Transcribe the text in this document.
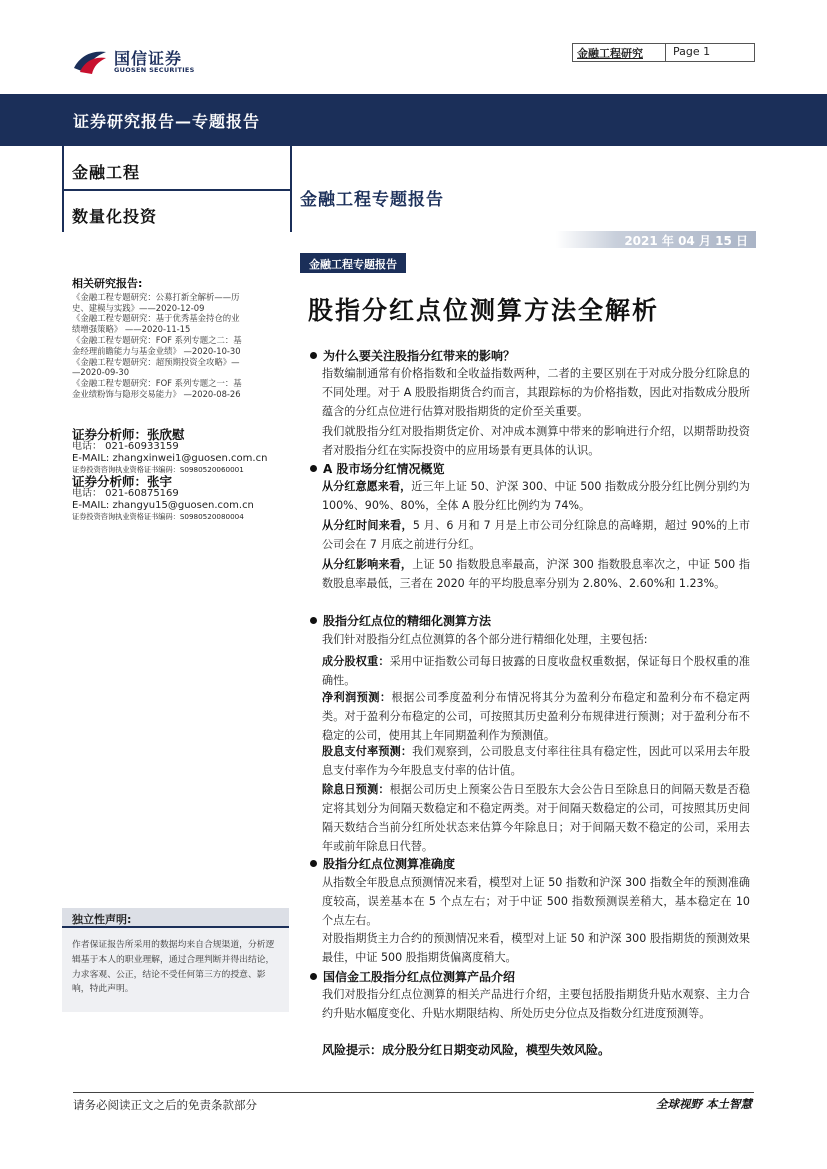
国信证券
GUOSEN SECURITIES
金融工程研究	Page 1
证券研究报告—专题报告
金融工程
数量化投资
金融工程专题报告
2021 年 04 月 15 日
金融工程专题报告
股指分红点位测算方法全解析
相关研究报告:
《金融工程专题研究：公募打新全解析——历
史、建模与实践》——2020-12-09
《金融工程专题研究：基于优秀基金持仓的业
绩增强策略》 ——2020-11-15
《金融工程专题研究：FOF 系列专题之二：基
金经理前瞻能力与基金业绩》 —2020-10-30
《金融工程专题研究：超预期投资全攻略》—
—2020-09-30
《金融工程专题研究：FOF 系列专题之一：基
金业绩粉饰与隐形交易能力》 —2020-08-26
证券分析师：张欣慰
电话： 021-60933159
E-MAIL: zhangxinwei1@guosen.com.cn
证券投资咨询执业资格证书编码：S0980520060001
证券分析师：张宇
电话： 021-60875169
E-MAIL: zhangyu15@guosen.com.cn
证券投资咨询执业资格证书编码：S0980520080004
独立性声明:

作者保证报告所采用的数据均来自合规渠道，分析逻辑基于本人的职业理解，通过合理判断并得出结论，力求客观、公正，结论不受任何第三方的授意、影响，特此声明。

为什么要关注股指分红带来的影响？

指数编制通常有价格指数和全收益指数两种，二者的主要区别在于对成分股分红除息的不同处理。对于 A 股股指期货合约而言，其跟踪标的为价格指数，因此对指数成分股所蕴含的分红点位进行估算对股指期货的定价至关重要。

我们就股指分红对股指期货定价、对冲成本测算中带来的影响进行介绍，以期帮助投资者对股指分红在实际投资中的应用场景有更具体的认识。

A 股市场分红情况概览

从分红意愿来看，近三年上证 50、沪深 300、中证 500 指数成分股分红比例分别约为 100%、90%、80%，全体 A 股分红比例约为 74%。

从分红时间来看，5 月、6 月和 7 月是上市公司分红除息的高峰期，超过 90%的上市公司会在 7 月底之前进行分红。

从分红影响来看，上证 50 指数股息率最高，沪深 300 指数股息率次之，中证 500 指数股息率最低，三者在 2020 年的平均股息率分别为 2.80%、2.60%和 1.23%。

股指分红点位的精细化测算方法

我们针对股指分红点位测算的各个部分进行精细化处理，主要包括:

成分股权重：采用中证指数公司每日披露的日度收盘权重数据，保证每日个股权重的准确性。

净利润预测：根据公司季度盈利分布情况将其分为盈利分布稳定和盈利分布不稳定两类。对于盈利分布稳定的公司，可按照其历史盈利分布规律进行预测；对于盈利分布不稳定的公司，使用其上年同期盈利作为预测值。

股息支付率预测：我们观察到，公司股息支付率往往具有稳定性，因此可以采用去年股息支付率作为今年股息支付率的估计值。

除息日预测：根据公司历史上预案公告日至股东大会公告日至除息日的间隔天数是否稳定将其划分为间隔天数稳定和不稳定两类。对于间隔天数稳定的公司，可按照其历史间隔天数结合当前分红所处状态来估算今年除息日；对于间隔天数不稳定的公司，采用去年或前年除息日代替。

股指分红点位测算准确度

从指数全年股息点预测情况来看，模型对上证 50 指数和沪深 300 指数全年的预测准确度较高，误差基本在 5 个点左右；对于中证 500 指数预测误差稍大，基本稳定在 10 个点左右。

对股指期货主力合约的预测情况来看，模型对上证 50 和沪深 300 股指期货的预测效果最佳，中证 500 股指期货偏离度稍大。

国信金工股指分红点位测算产品介绍

我们对股指分红点位测算的相关产品进行介绍，主要包括股指期货升贴水观察、主力合约升贴水幅度变化、升贴水期限结构、所处历史分位点及指数分红进度预测等。

风险提示：成分股分红日期变动风险，模型失效风险。
请务必阅读正文之后的免责条款部分	全球视野 本土智慧
